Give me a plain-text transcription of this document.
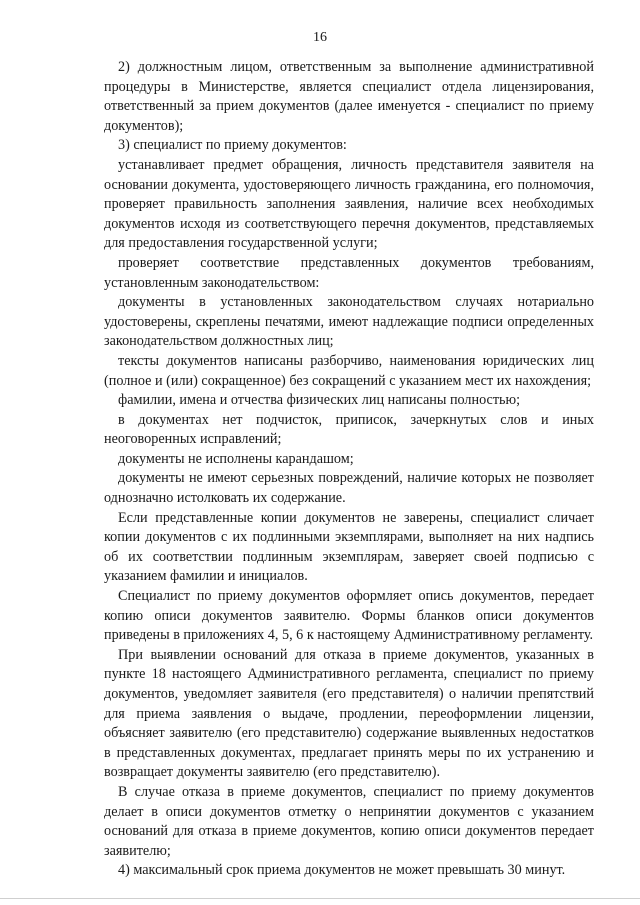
16

2) должностным лицом, ответственным за выполнение административной процедуры в Министерстве, является специалист отдела лицензирования, ответственный за прием документов (далее именуется - специалист по приему документов);

3) специалист по приему документов:

устанавливает предмет обращения, личность представителя заявителя на основании документа, удостоверяющего личность гражданина, его полномочия, проверяет правильность заполнения заявления, наличие всех необходимых документов исходя из соответствующего перечня документов, представляемых для предоставления государственной услуги;

проверяет соответствие представленных документов требованиям, установленным законодательством:

документы в установленных законодательством случаях нотариально удостоверены, скреплены печатями, имеют надлежащие подписи определенных законодательством должностных лиц;

тексты документов написаны разборчиво, наименования юридических лиц (полное и (или) сокращенное) без сокращений с указанием мест их нахождения;

фамилии, имена и отчества физических лиц написаны полностью;

в документах нет подчисток, приписок, зачеркнутых слов и иных неоговоренных исправлений;

документы не исполнены карандашом;

документы не имеют серьезных повреждений, наличие которых не позволяет однозначно истолковать их содержание.

Если представленные копии документов не заверены, специалист сличает копии документов с их подлинными экземплярами, выполняет на них надпись об их соответствии подлинным экземплярам, заверяет своей подписью с указанием фамилии и инициалов.

Специалист по приему документов оформляет опись документов, передает копию описи документов заявителю. Формы бланков описи документов приведены в приложениях 4, 5, 6 к настоящему Административному регламенту.

При выявлении оснований для отказа в приеме документов, указанных в пункте 18 настоящего Административного регламента, специалист по приему документов, уведомляет заявителя (его представителя) о наличии препятствий для приема заявления о выдаче, продлении, переоформлении лицензии, объясняет заявителю (его представителю) содержание выявленных недостатков в представленных документах, предлагает принять меры по их устранению и возвращает документы заявителю (его представителю).

В случае отказа в приеме документов, специалист по приему документов делает в описи документов отметку о непринятии документов с указанием оснований для отказа в приеме документов, копию описи документов передает заявителю;

4) максимальный срок приема документов не может превышать 30 минут.
